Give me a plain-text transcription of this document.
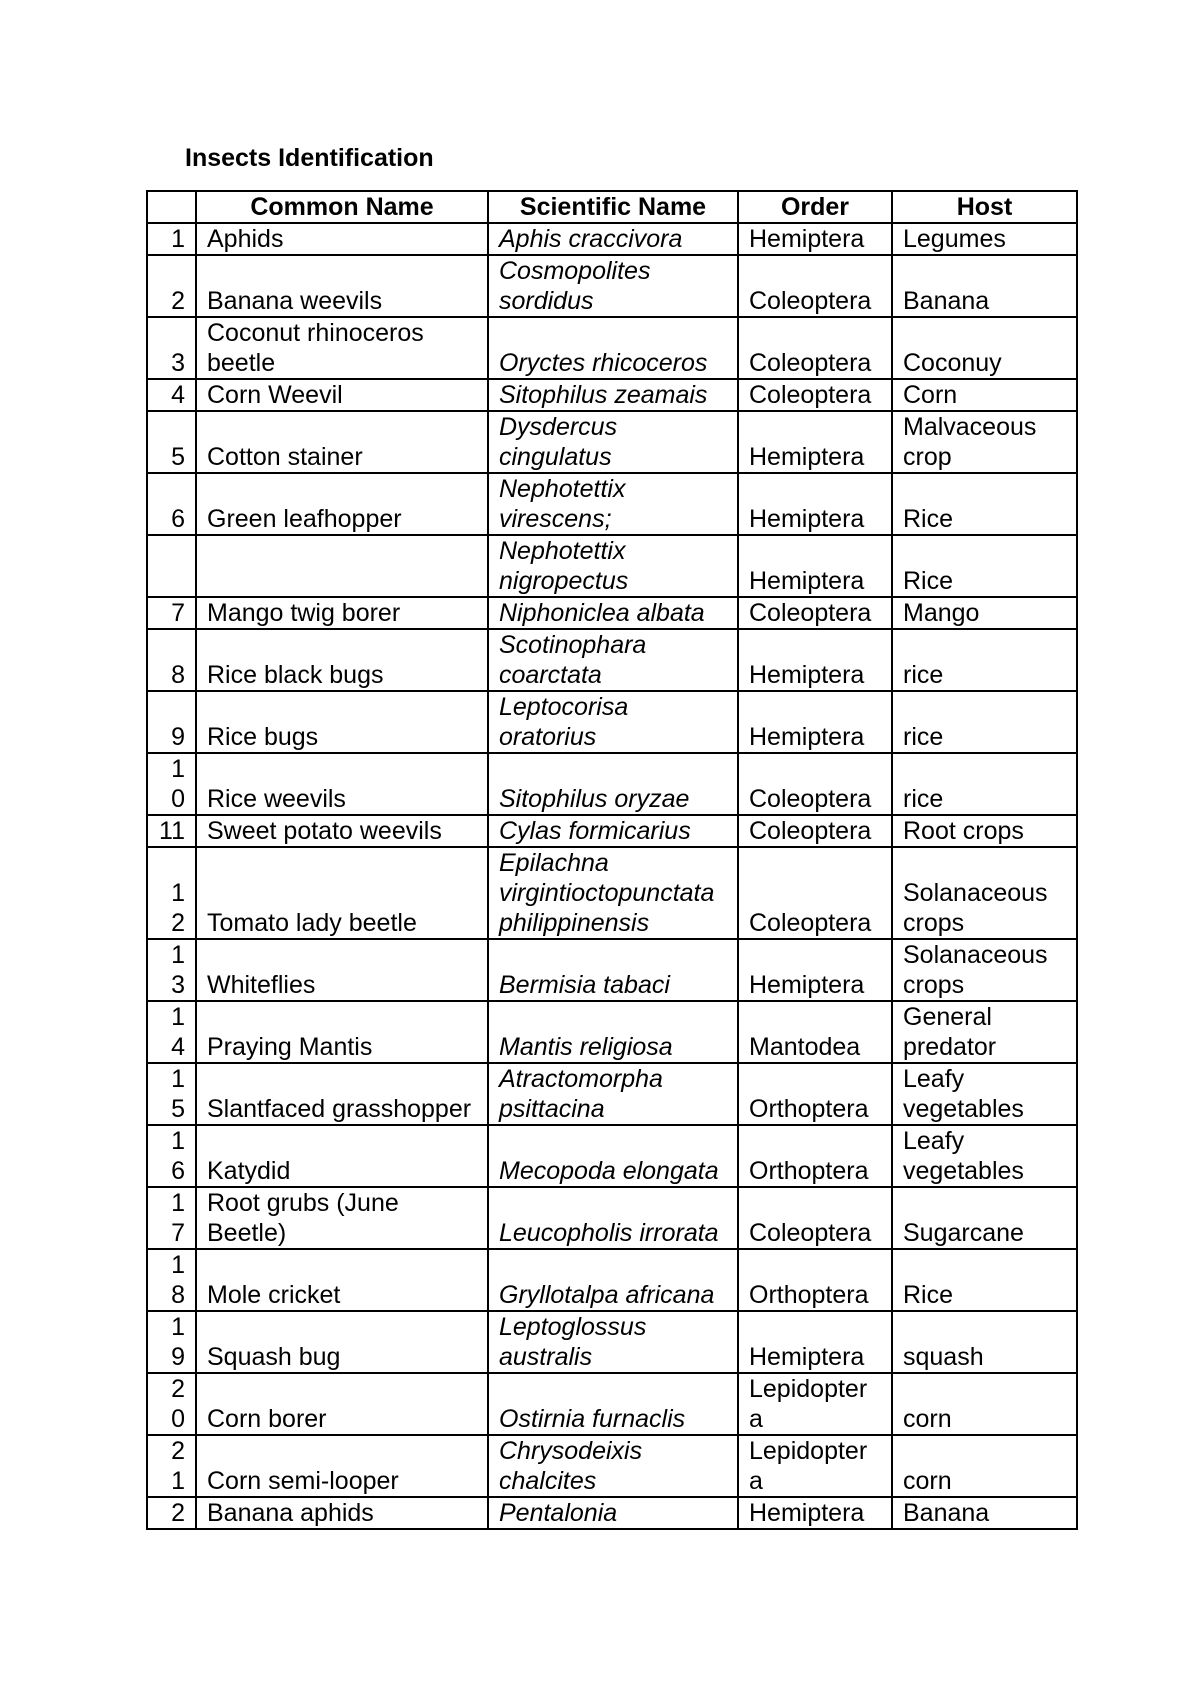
Insects Identification
	Common Name	Scientific Name	Order	Host
1	Aphids	Aphis craccivora	Hemiptera	Legumes
2	Banana weevils	Cosmopolites sordidus	Coleoptera	Banana
3	Coconut rhinoceros beetle	Oryctes rhicoceros	Coleoptera	Coconuy
4	Corn Weevil	Sitophilus zeamais	Coleoptera	Corn
5	Cotton stainer	Dysdercus cingulatus	Hemiptera	Malvaceous crop
6	Green leafhopper	Nephotettix virescens;	Hemiptera	Rice
		Nephotettix nigropectus	Hemiptera	Rice
7	Mango twig borer	Niphoniclea albata	Coleoptera	Mango
8	Rice black bugs	Scotinophara coarctata	Hemiptera	rice
9	Rice bugs	Leptocorisa oratorius	Hemiptera	rice
10	Rice weevils	Sitophilus oryzae	Coleoptera	rice
11	Sweet potato weevils	Cylas formicarius	Coleoptera	Root crops
12	Tomato lady beetle	Epilachna virgintioctopunctata philippinensis	Coleoptera	Solanaceous crops
13	Whiteflies	Bermisia tabaci	Hemiptera	Solanaceous crops
14	Praying Mantis	Mantis religiosa	Mantodea	General predator
15	Slantfaced grasshopper	Atractomorpha psittacina	Orthoptera	Leafy vegetables
16	Katydid	Mecopoda elongata	Orthoptera	Leafy vegetables
17	Root grubs (June Beetle)	Leucopholis irrorata	Coleoptera	Sugarcane
18	Mole cricket	Gryllotalpa africana	Orthoptera	Rice
19	Squash bug	Leptoglossus australis	Hemiptera	squash
20	Corn borer	Ostirnia furnaclis	Lepidoptera	corn
21	Corn semi-looper	Chrysodeixis chalcites	Lepidoptera	corn
2	Banana aphids	Pentalonia	Hemiptera	Banana
